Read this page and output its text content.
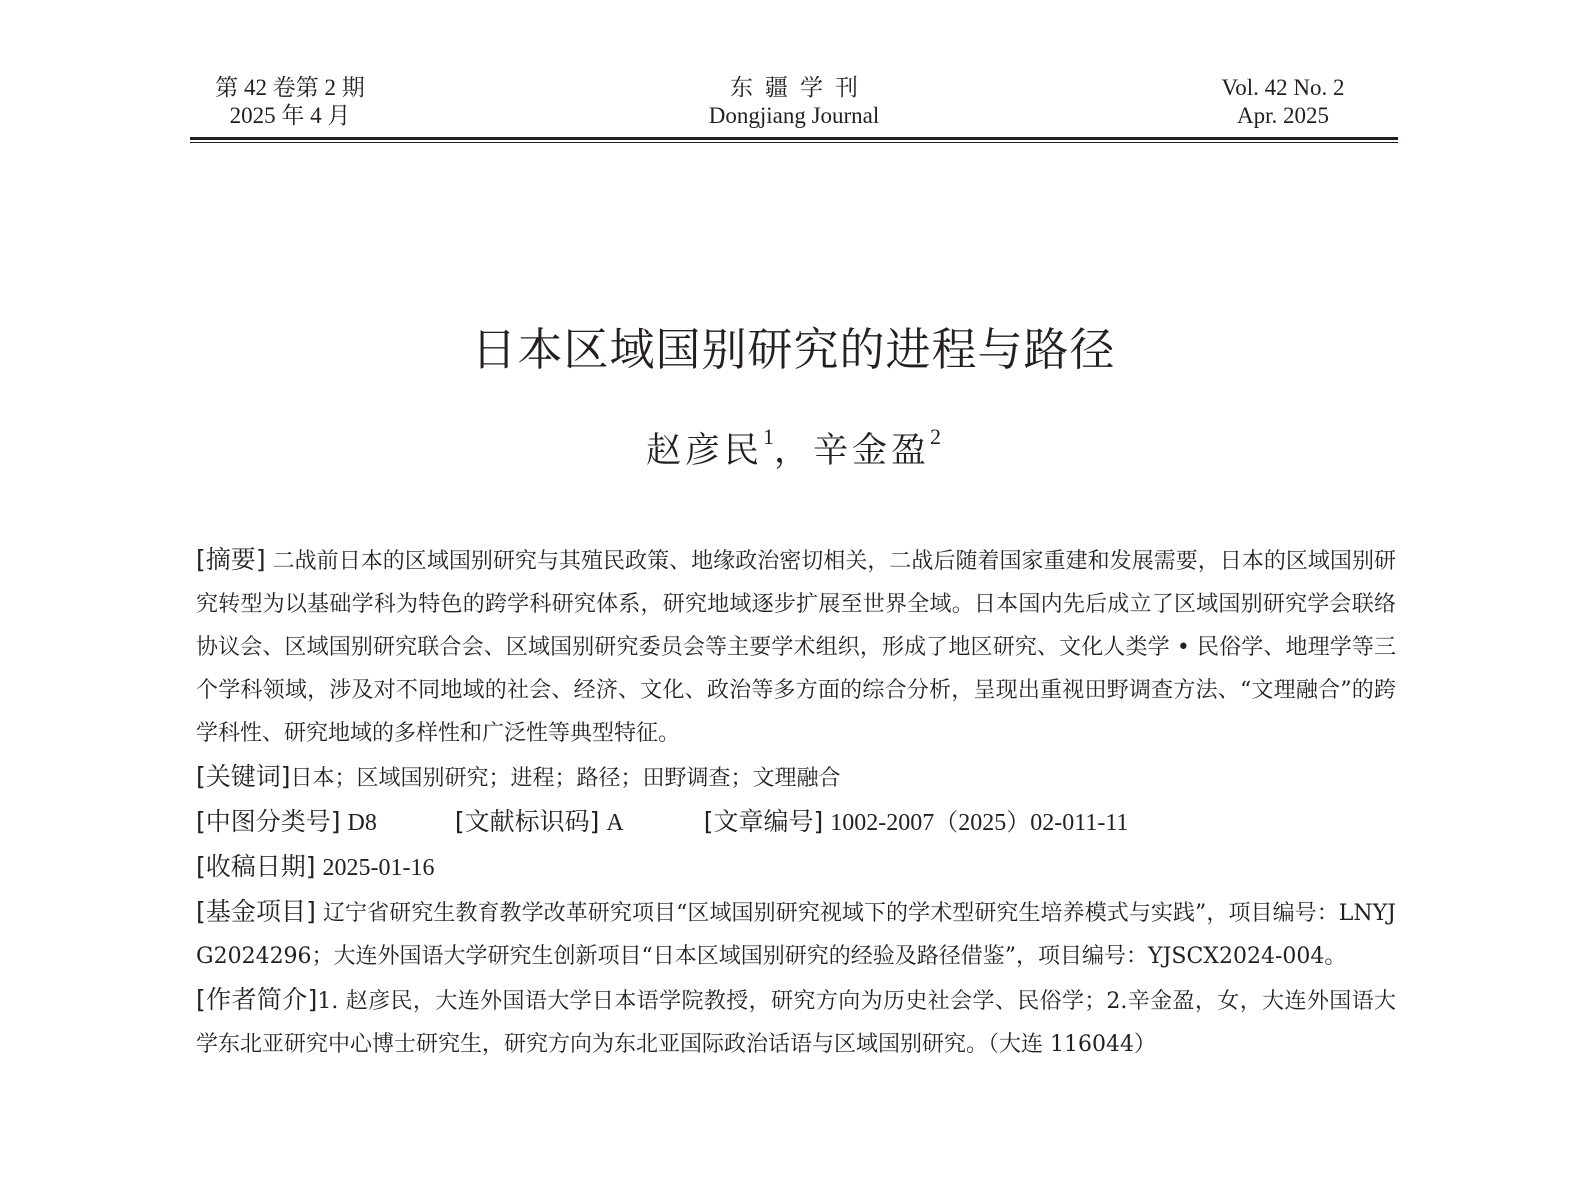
第 42 卷第 2 期
2025 年 4 月
东疆学刊
Dongjiang Journal
Vol. 42 No. 2
Apr. 2025
日本区域国别研究的进程与路径
赵彦民$^1$，辛金盈$^2$

[摘要] 二战前日本的区域国别研究与其殖民政策、地缘政治密切相关，二战后随着国家重建和发展需要，日本的区域国别研究转型为以基础学科为特色的跨学科研究体系，研究地域逐步扩展至世界全域。日本国内先后成立了区域国别研究学会联络协议会、区域国别研究联合会、区域国别研究委员会等主要学术组织，形成了地区研究、文化人类学 • 民俗学、地理学等三个学科领域，涉及对不同地域的社会、经济、文化、政治等多方面的综合分析，呈现出重视田野调查方法、“文理融合”的跨学科性、研究地域的多样性和广泛性等典型特征。

[关键词]日本；区域国别研究；进程；路径；田野调查；文理融合

[中图分类号] D8	[文献标识码] A	[文章编号] 1002-2007（2025）02-011-11

[收稿日期] 2025-01-16

[基金项目] 辽宁省研究生教育教学改革研究项目“区域国别研究视域下的学术型研究生培养模式与实践”，项目编号：LNYJG2024296；大连外国语大学研究生创新项目“日本区域国别研究的经验及路径借鉴”，项目编号：YJSCX2024-004。

[作者简介]1. 赵彦民，大连外国语大学日本语学院教授，研究方向为历史社会学、民俗学；2.辛金盈，女，大连外国语大学东北亚研究中心博士研究生，研究方向为东北亚国际政治话语与区域国别研究。（大连 116044）
